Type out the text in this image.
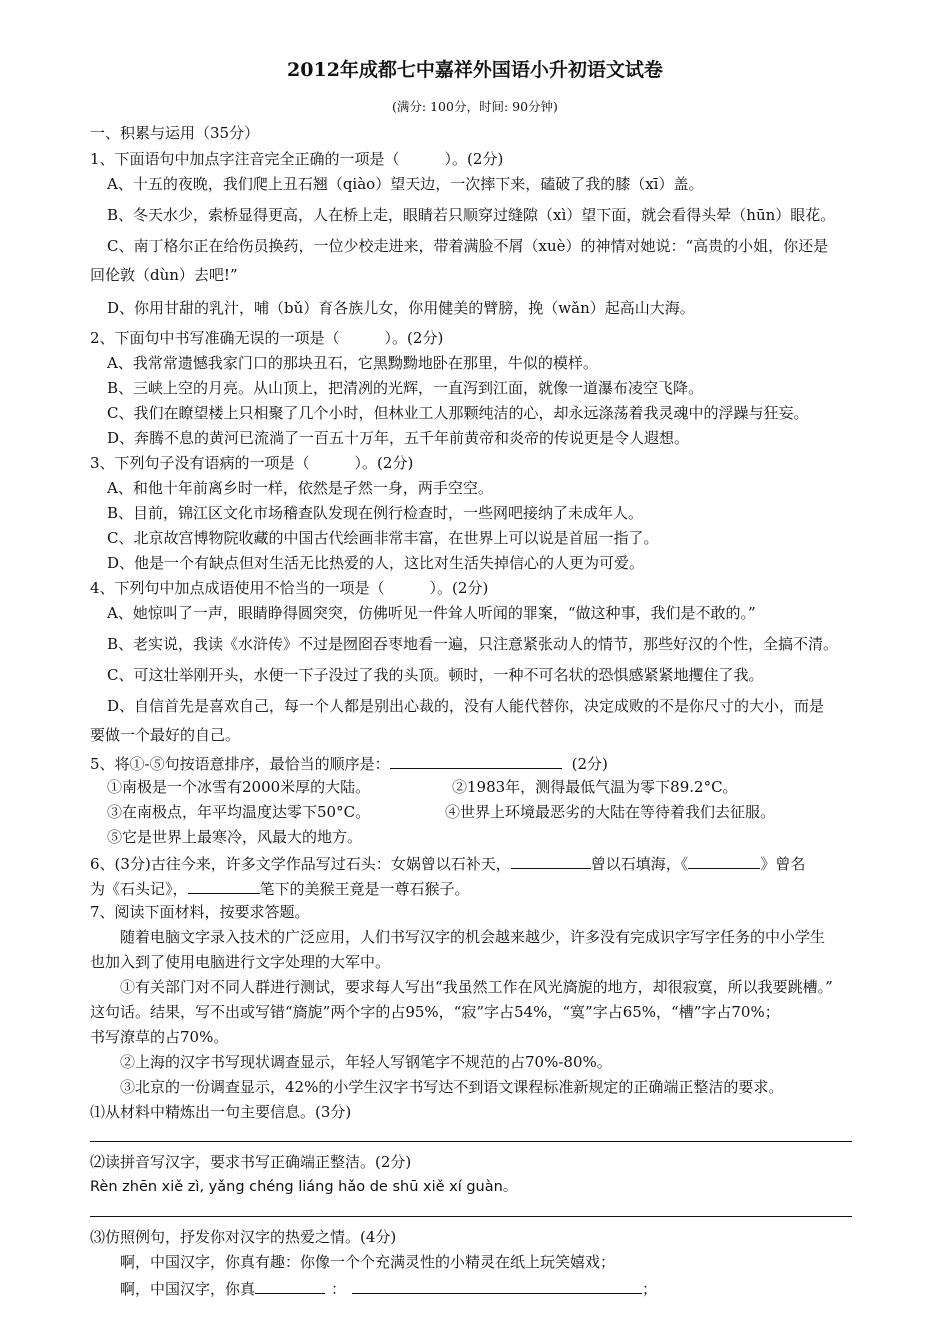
2012年成都七中嘉祥外国语小升初语文试卷
(满分: 100分，时间: 90分钟)
一、积累与运用（35分）
1、下面语句中加点字注音完全正确的一项是（　　　）。(2分)
A、十五的夜晚，我们爬上丑石翘（qiào）望天边，一次摔下来，磕破了我的膝（xī）盖。
B、冬天水少，索桥显得更高，人在桥上走，眼睛若只顺穿过缝隙（xì）望下面，就会看得头晕（hūn）眼花。
C、南丁格尔正在给伤员换药，一位少校走进来，带着满脸不屑（xuè）的神情对她说：“高贵的小姐，你还是
回伦敦（dùn）去吧!”
D、你用甘甜的乳汁，哺（bǔ）育各族儿女，你用健美的臂膀，挽（wǎn）起高山大海。
2、下面句中书写准确无误的一项是（　　　）。(2分)
A、我常常遗憾我家门口的那块丑石，它黑黝黝地卧在那里，牛似的模样。
B、三峡上空的月亮。从山顶上，把清冽的光辉，一直泻到江面，就像一道瀑布凌空飞降。
C、我们在瞭望楼上只相聚了几个小时，但林业工人那颗纯洁的心，却永远涤荡着我灵魂中的浮躁与狂妄。
D、奔腾不息的黄河已流淌了一百五十万年，五千年前黄帝和炎帝的传说更是令人遐想。
3、下列句子没有语病的一项是（　　　）。(2分)
A、和他十年前离乡时一样，依然是孑然一身，两手空空。
B、目前，锦江区文化市场稽查队发现在例行检查时，一些网吧接纳了未成年人。
C、北京故宫博物院收藏的中国古代绘画非常丰富，在世界上可以说是首屈一指了。
D、他是一个有缺点但对生活无比热爱的人，这比对生活失掉信心的人更为可爱。
4、下列句中加点成语使用不恰当的一项是（　　　）。(2分)
A、她惊叫了一声，眼睛睁得圆突突，仿佛听见一件耸人听闻的罪案，“做这种事，我们是不敢的。”
B、老实说，我读《水浒传》不过是囫囵吞枣地看一遍，只注意紧张动人的情节，那些好汉的个性，全搞不清。
C、可这壮举刚开头，水便一下子没过了我的头顶。顿时，一种不可名状的恐惧感紧紧地攫住了我。
D、自信首先是喜欢自己，每一个人都是别出心裁的，没有人能代替你，决定成败的不是你尺寸的大小，而是
要做一个最好的自己。
5、将①-⑤句按语意排序，最恰当的顺序是：	(2分)
①南极是一个冰雪有2000米厚的大陆。	②1983年，测得最低气温为零下89.2°C。
③在南极点，年平均温度达零下50°C。	④世界上环境最恶劣的大陆在等待着我们去征服。
⑤它是世界上最寒冷，风最大的地方。
6、(3分)古往今来，许多文学作品写过石头：女娲曾以石补天，	曾以石填海，《	》曾名
为《石头记》，	笔下的美猴王竟是一尊石猴子。
7、阅读下面材料，按要求答题。
随着电脑文字录入技术的广泛应用，人们书写汉字的机会越来越少，许多没有完成识字写字任务的中小学生
也加入到了使用电脑进行文字处理的大军中。
①有关部门对不同人群进行测试，要求每人写出“我虽然工作在风光旖旎的地方，却很寂寞，所以我要跳槽。”
这句话。结果，写不出或写错“旖旎”两个字的占95%，“寂”字占54%，“寞”字占65%，“槽”字占70%；
书写潦草的占70%。
②上海的汉字书写现状调查显示，年轻人写钢笔字不规范的占70%-80%。
③北京的一份调查显示，42%的小学生汉字书写达不到语文课程标准新规定的正确端正整洁的要求。
⑴从材料中精炼出一句主要信息。(3分)
⑵读拼音写汉字，要求书写正确端正整洁。(2分)
Rèn zhēn xiě zì, yǎng chéng liáng hǎo de shū xiě xí guàn。
⑶仿照例句，抒发你对汉字的热爱之情。(4分)
啊，中国汉字，你真有趣：你像一个个充满灵性的小精灵在纸上玩笑嬉戏；
啊，中国汉字，你真	：	；
